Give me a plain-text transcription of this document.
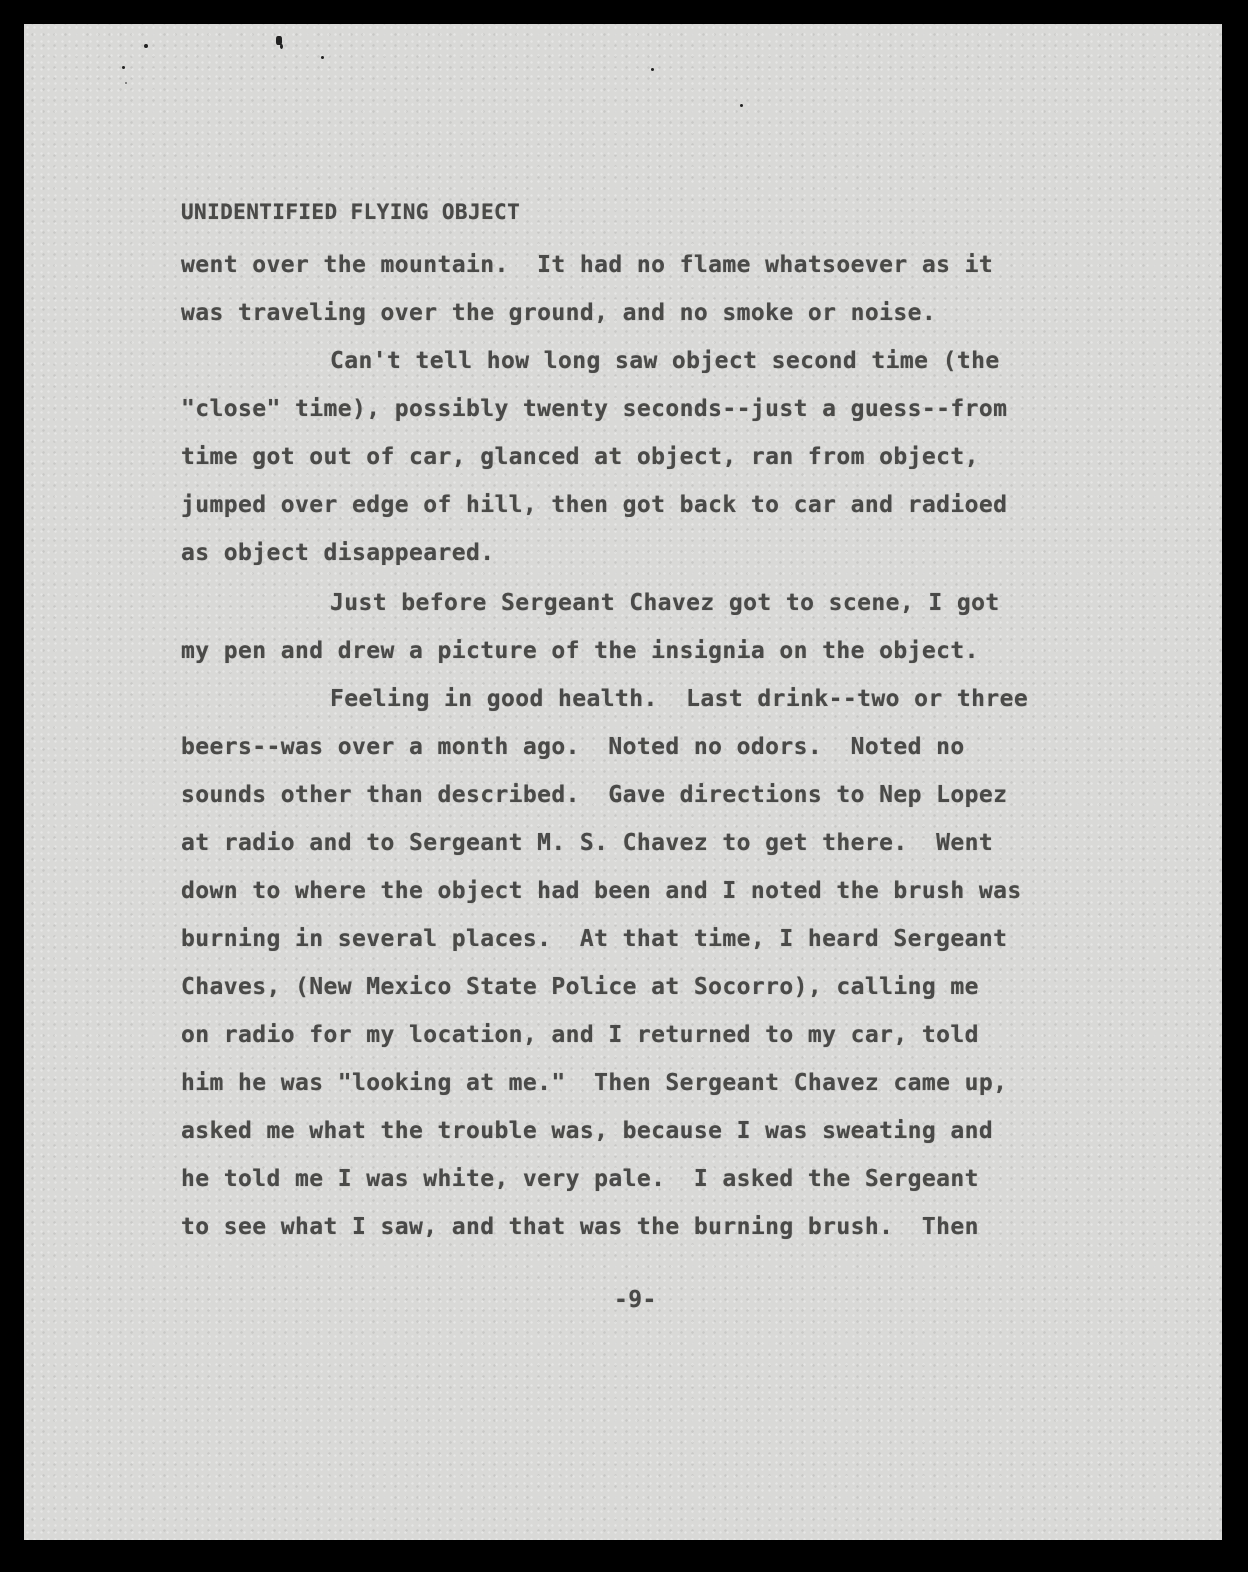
UNIDENTIFIED FLYING OBJECT

went over the mountain.  It had no flame whatsoever as it

was traveling over the ground, and no smoke or noise.

Can't tell how long saw object second time (the

"close" time), possibly twenty seconds--just a guess--from

time got out of car, glanced at object, ran from object,

jumped over edge of hill, then got back to car and radioed

as object disappeared.

Just before Sergeant Chavez got to scene, I got

my pen and drew a picture of the insignia on the object.

Feeling in good health.  Last drink--two or three

beers--was over a month ago.  Noted no odors.  Noted no

sounds other than described.  Gave directions to Nep Lopez

at radio and to Sergeant M. S. Chavez to get there.  Went

down to where the object had been and I noted the brush was

burning in several places.  At that time, I heard Sergeant

Chaves, (New Mexico State Police at Socorro), calling me

on radio for my location, and I returned to my car, told

him he was "looking at me."  Then Sergeant Chavez came up,

asked me what the trouble was, because I was sweating and

he told me I was white, very pale.  I asked the Sergeant

to see what I saw, and that was the burning brush.  Then

-9-
